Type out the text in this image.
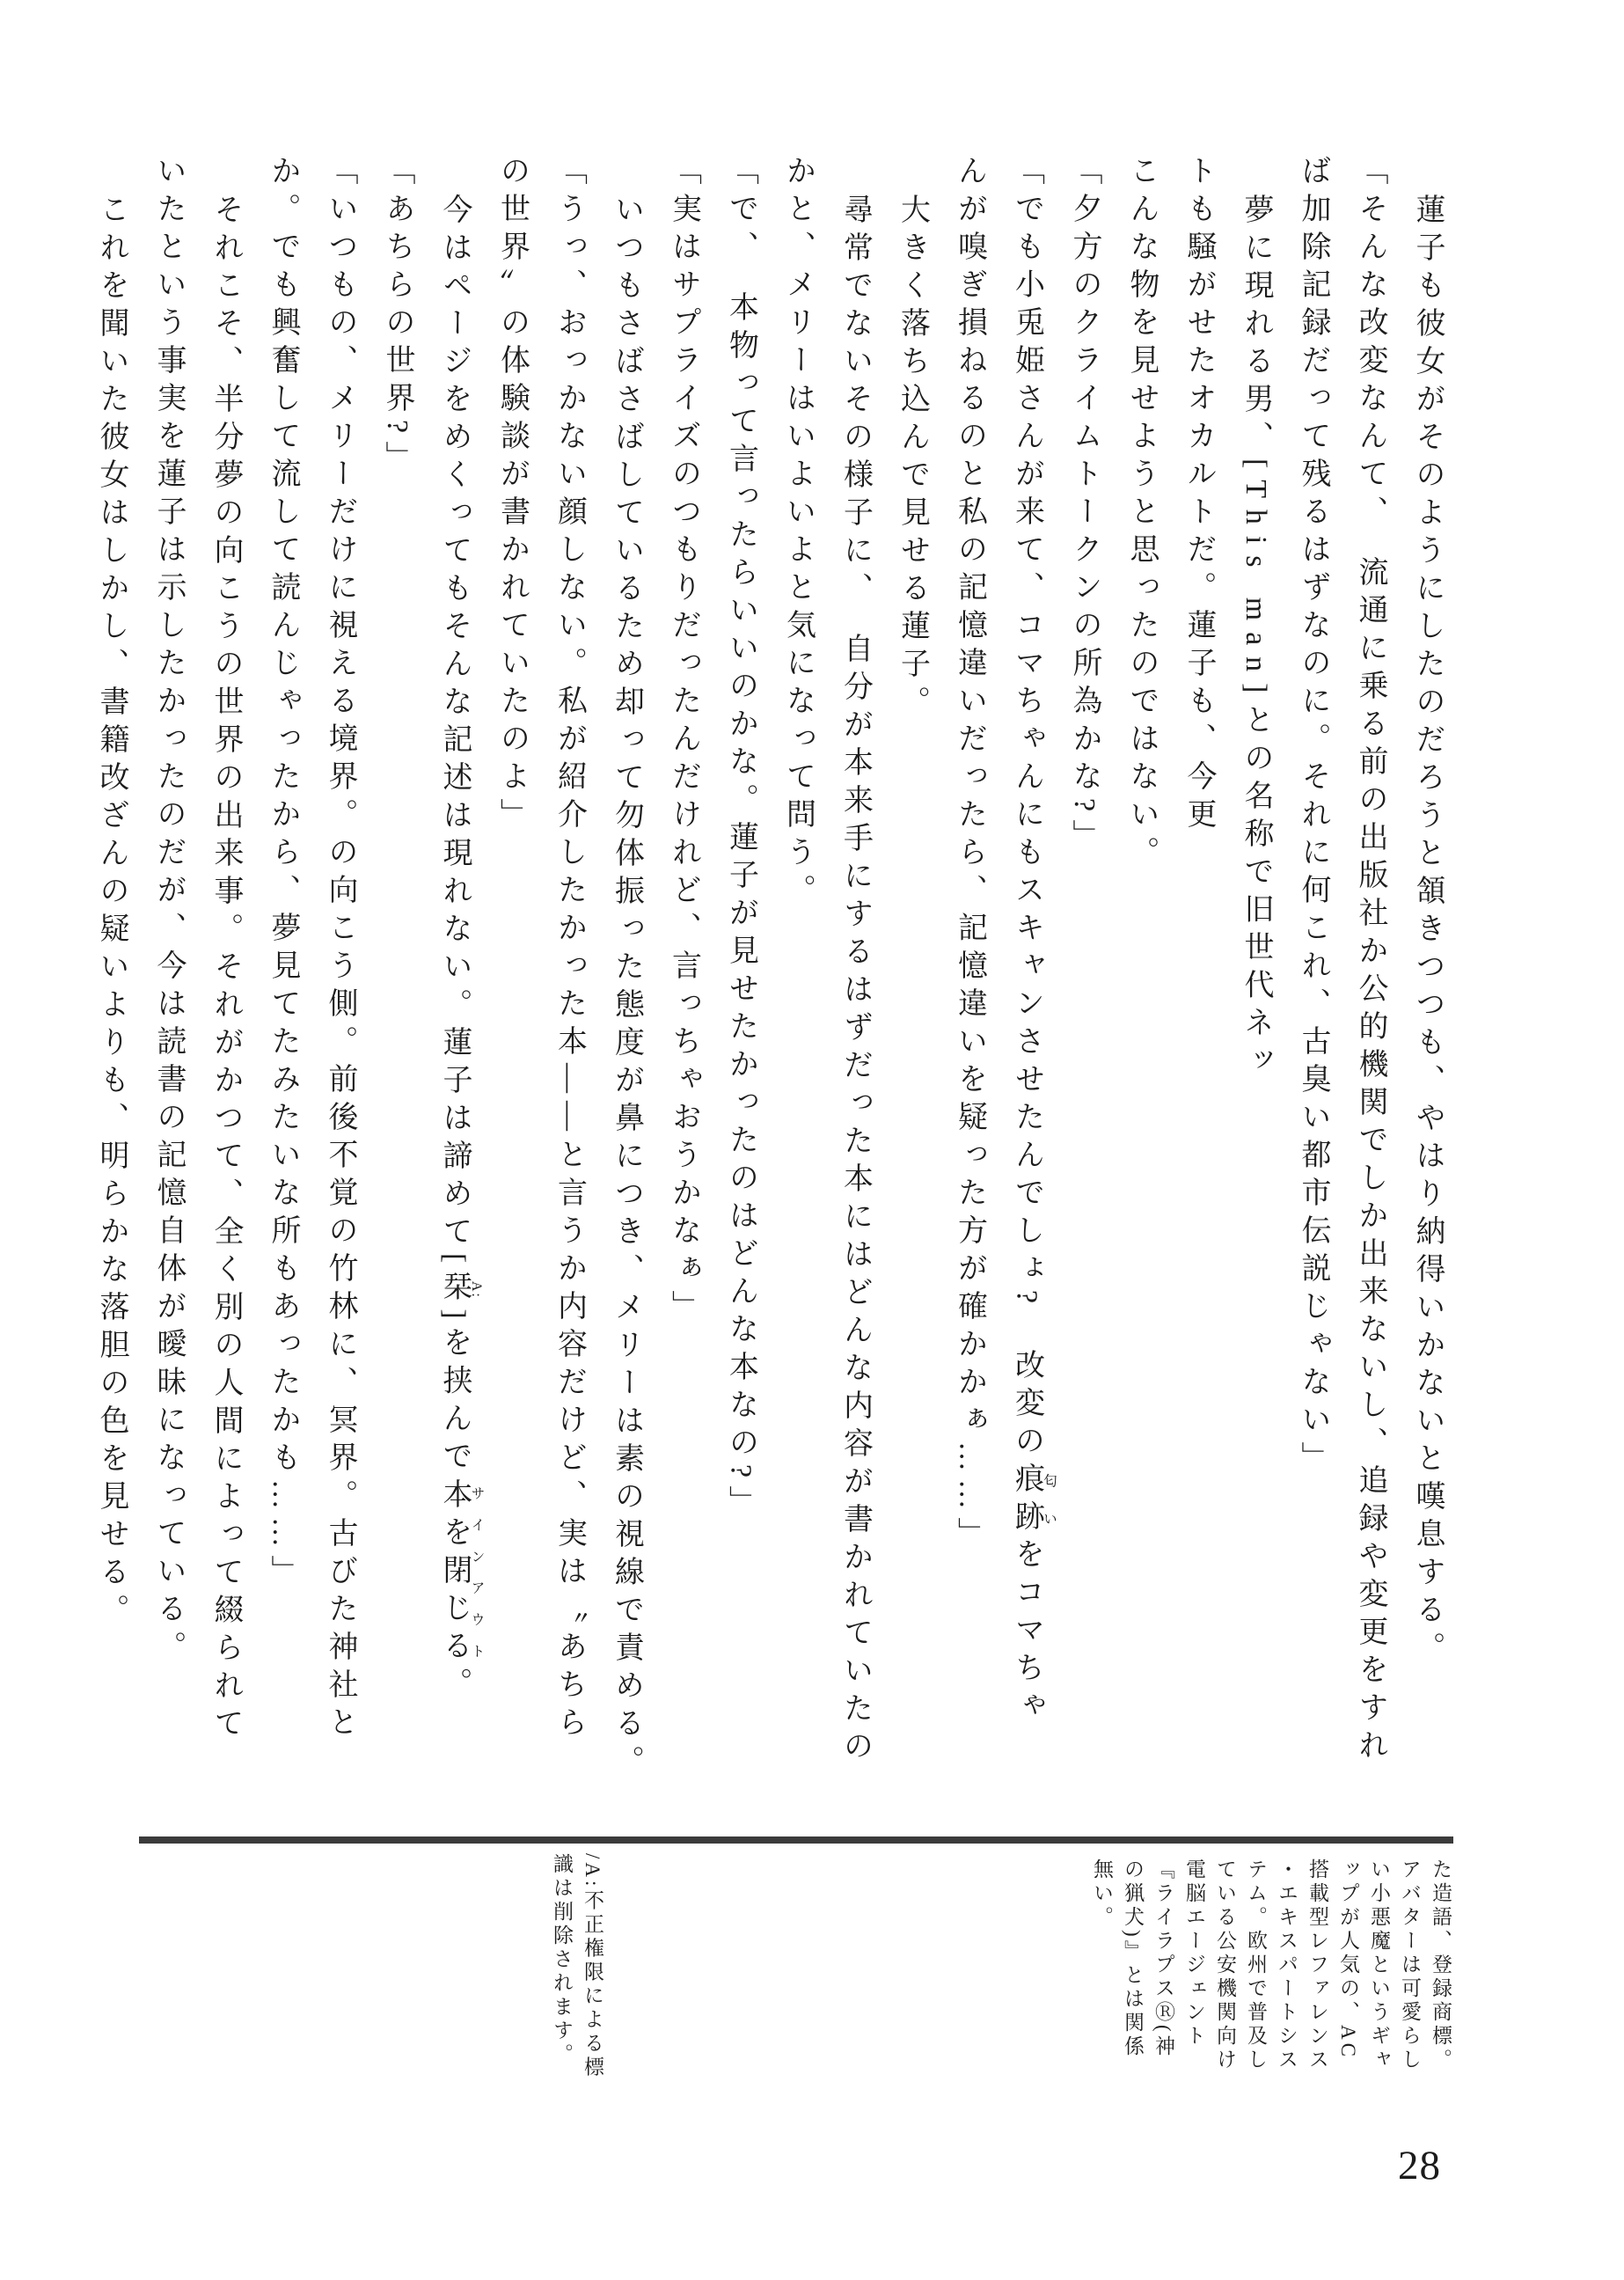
蓮子も彼女がそのようにしたのだろうと頷きつつも、やはり納得いかないと嘆息する。

「そんな改変なんて、　流通に乗る前の出版社か公的機関でしか出来ないし、追録や変更をすれ

ば加除記録だって残るはずなのに。それに何これ、古臭い都市伝説じゃない」

夢に現れる男、[This man]との名称で旧世代ネッ

トも騒がせたオカルトだ。蓮子も、今更

こんな物を見せようと思ったのではない。

「夕方のクライムトークンの所為かな?」

「でも小兎姫さんが来て、コマちゃんにもスキャンさせたんでしょ?　改変の痕跡匂いをコマちゃ

んが嗅ぎ損ねるのと私の記憶違いだったら、記憶違いを疑った方が確かかぁ……」

大きく落ち込んで見せる蓮子。

尋常でないその様子に、　自分が本来手にするはずだった本にはどんな内容が書かれていたの

かと、メリーはいよいよと気になって問う。

「で、　本物って言ったらいいのかな。蓮子が見せたかったのはどんな本なの?」

「実はサプライズのつもりだったんだけれど、言っちゃおうかなぁ」

いつもさばさばしているため却って勿体振った態度が鼻につき、メリーは素の視線で責める。

「うっ、おっかない顔しない。私が紹介したかった本——と言うか内容だけど、実は〝あちら

の世界〟の体験談が書かれていたのよ」

今はページをめくってもそんな記述は現れない。蓮子は諦めて[栞]A:を挟んで本を閉じるサインアウト。

「あちらの世界?」

「いつもの、メリーだけに視える境界。の向こう側。前後不覚の竹林に、冥界。古びた神社と

か。でも興奮して流して読んじゃったから、夢見てたみたいな所もあったかも……」

それこそ、半分夢の向こうの世界の出来事。それがかつて、全く別の人間によって綴られて

いたという事実を蓮子は示したかったのだが、今は読書の記憶自体が曖昧になっている。

これを聞いた彼女はしかし、書籍改ざんの疑いよりも、明らかな落胆の色を見せる。

た造語、登録商標。

アバターは可愛らし

い小悪魔というギャ

ップが人気の、AC

搭載型レファレンス

・エキスパートシス

テム。欧州で普及し

ている公安機関向け

電脳エージェント

『ライラプスⓇ(神

の猟犬)』とは関係

無い。

/A:不正権限による標

識は削除されます。

28
